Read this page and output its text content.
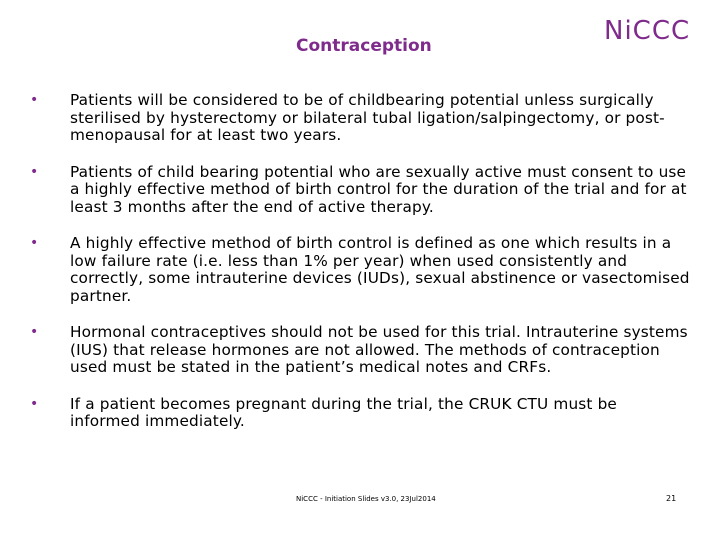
Contraception	NiCCC
• Patients will be considered to be of childbearing potential unless surgically sterilised by hysterectomy or bilateral tubal ligation/salpingectomy, or post-menopausal for at least two years.
• Patients of child bearing potential who are sexually active must consent to use a highly effective method of birth control for the duration of the trial and for at least 3 months after the end of active therapy.
• A highly effective method of birth control is defined as one which results in a low failure rate (i.e. less than 1% per year) when used consistently and correctly, some intrauterine devices (IUDs), sexual abstinence or vasectomised partner.
• Hormonal contraceptives should not be used for this trial. Intrauterine systems (IUS) that release hormones are not allowed. The methods of contraception used must be stated in the patient’s medical notes and CRFs.
• If a patient becomes pregnant during the trial, the CRUK CTU must be informed immediately.
NiCCC - Initiation Slides v3.0, 23Jul2014	21
